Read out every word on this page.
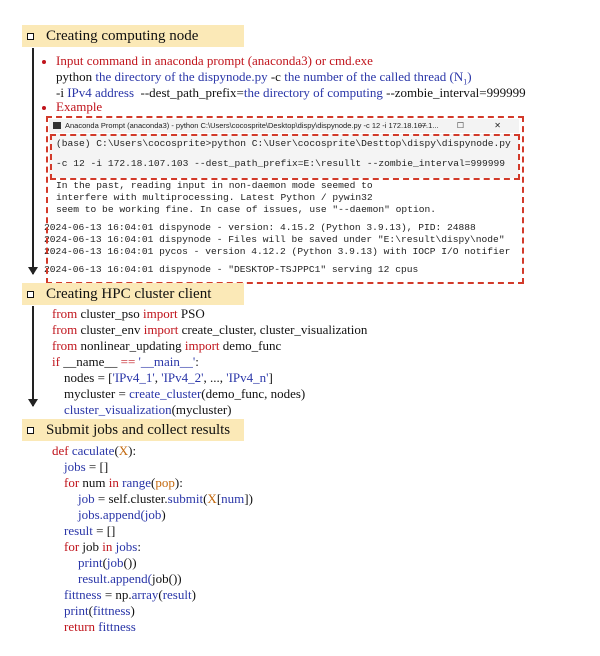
Creating computing node
Input command in anaconda prompt (anaconda3) or cmd.exe
python the directory of the dispynode.py -c the number of the called thread $(N_1)$
-i IPv4 address  --dest_path_prefix=the directory of computing --zombie_interval=999999
Example
Anaconda Prompt (anaconda3) - python C:\Users\cocosprite\Desktop\dispy\dispynode.py -c 12 -i 172.18.107.1...
— ☐ ✕
(base) C:\Users\cocosprite>python C:\User\cocosprite\Desttop\dispy\dispynode.py
-c 12 -i 172.18.107.103 --dest_path_prefix=E:\resullt --zombie_interval=999999
In the past, reading input in non-daemon mode seemed to
interfere with multiprocessing. Latest Python / pywin32
seem to be working fine. In case of issues, use "--daemon" option.
2024-06-13 16:04:01 dispynode - version: 4.15.2 (Python 3.9.13), PID: 24888
2024-06-13 16:04:01 dispynode - Files will be saved under "E:\result\dispy\node"
2024-06-13 16:04:01 pycos - version 4.12.2 (Python 3.9.13) with IOCP I/O notifier
2024-06-13 16:04:01 dispynode - "DESKTOP-TSJPPC1" serving 12 cpus
Creating HPC cluster client
from cluster_pso import PSO
from cluster_env import create_cluster, cluster_visualization
from nonlinear_updating import demo_func
if __name__ == '__main__':
nodes = ['IPv4_1', 'IPv4_2', ..., 'IPv4_n']
mycluster = create_cluster(demo_func, nodes)
cluster_visualization(mycluster)
Submit jobs and collect results
def caculate(X):
jobs = []
for num in range(pop):
job = self.cluster.submit(X[num])
jobs.append(job)
result = []
for job in jobs:
print(job())
result.append(job())
fittness = np.array(result)
print(fittness)
return fittness
